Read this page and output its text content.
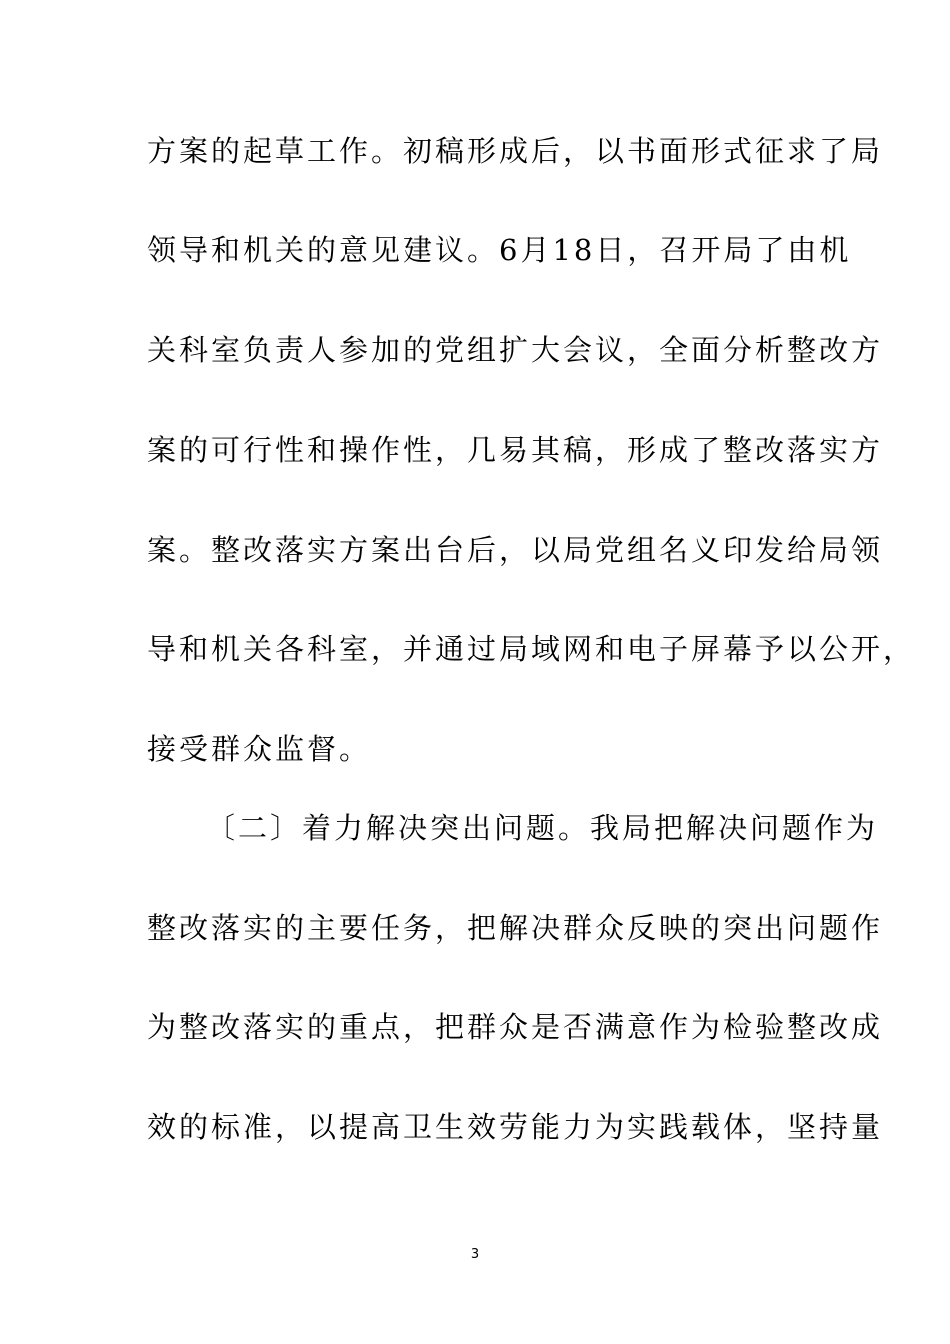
方案的起草工作。初稿形成后，以书面形式征求了局
领导和机关的意见建议。6月18日，召开局了由机
关科室负责人参加的党组扩大会议，全面分析整改方
案的可行性和操作性，几易其稿，形成了整改落实方
案。整改落实方案出台后，以局党组名义印发给局领
导和机关各科室，并通过局域网和电子屏幕予以公开，
接受群众监督。
〔二〕着力解决突出问题。我局把解决问题作为
整改落实的主要任务，把解决群众反映的突出问题作
为整改落实的重点，把群众是否满意作为检验整改成
效的标准，以提高卫生效劳能力为实践载体，坚持量
3
